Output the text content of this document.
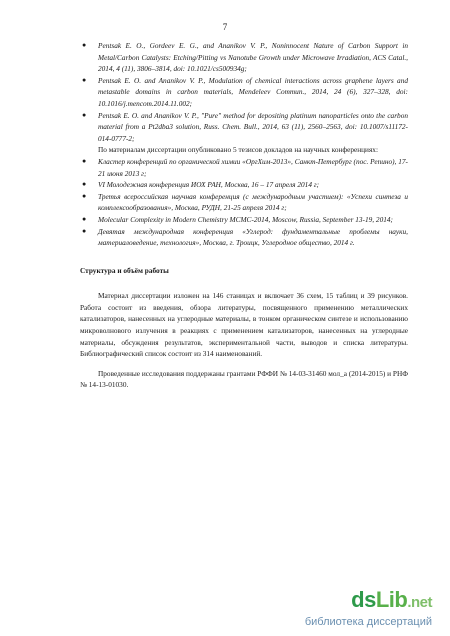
7
● Pentsak E. O., Gordeev E. G., and Ananikov V. P., Noninnocent Nature of Carbon Support in Metal/Carbon Catalysts: Etching/Pitting vs Nanotube Growth under Microwave Irradiation, ACS Catal., 2014, 4 (11), 3806–3814, doi: 10.1021/cs500934g;
● Pentsak E. O. and Ananikov V. P., Modulation of chemical interactions across graphene layers and metastable domains in carbon materials, Mendeleev Commun., 2014, 24 (6), 327–328, doi: 10.1016/j.mencom.2014.11.002;
● Pentsak E. O. and Ananikov V. P., "Pure" method for depositing platinum nanoparticles onto the carbon material from a Pt2dba3 solution, Russ. Chem. Bull., 2014, 63 (11), 2560–2563, doi: 10.1007/s11172-014-0777-2;

По материалам диссертации опубликовано 5 тезисов докладов на научных конференциях:

● Кластер конференций по органической химии «ОргХим-2013», Санкт-Петербург (пос. Репино), 17-21 июня 2013 г;
● VI Молодежная конференция ИОХ РАН, Москва, 16 – 17 апреля 2014 г;
● Третья всероссийская научная конференция (с международным участием): «Успехи синтеза и комплексообразования», Москва, РУДН, 21-25 апреля 2014 г;
● Molecular Complexity in Modern Chemistry MCMC-2014, Moscow, Russia, September 13-19, 2014;
● Девятая международная конференция «Углерод: фундаментальные проблемы науки, материаловедение, технология», Москва, г. Троицк, Углеродное общество, 2014 г.

Структура и объём работы

Материал диссертации изложен на 146 станицах и включает 36 схем, 15 таблиц и 39 рисунков. Работа состоит из введения, обзора литературы, посвященного применению металлических катализаторов, нанесенных на углеродные материалы, в тонком органическом синтезе и использованию микроволнового излучения в реакциях с применением катализаторов, нанесенных на углеродные материалы, обсуждения результатов, экспериментальной части, выводов и списка литературы. Библиографический список состоит из 314 наименований.

Проведенные исследования поддержаны грантами РФФИ № 14-03-31460 мол_а (2014-2015) и РНФ № 14-13-01030.

dsLib.net
библиотека диссертаций
